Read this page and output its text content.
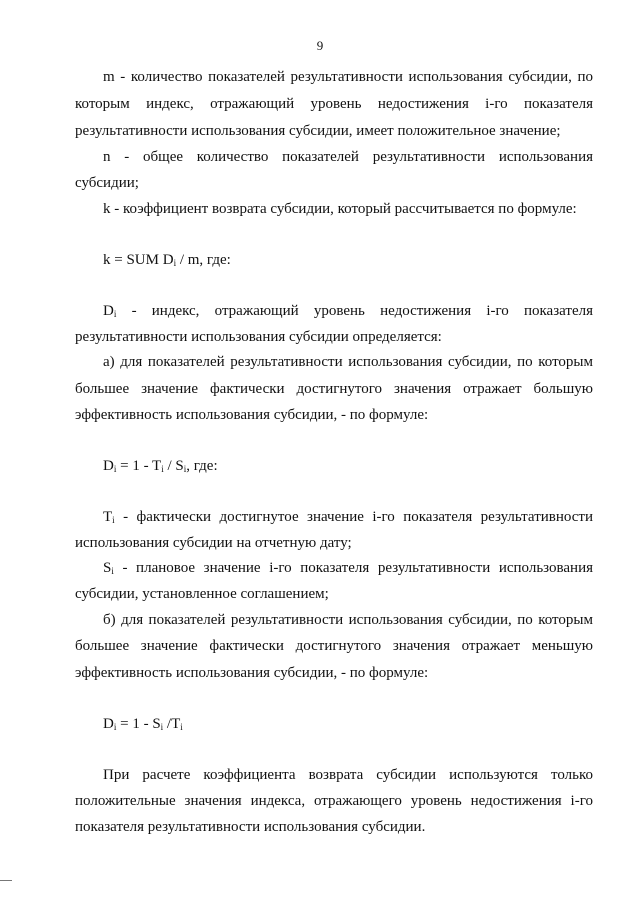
9
m - количество показателей результативности использования субсидии, по
которым индекс, отражающий уровень недостижения i-го показателя
результативности использования субсидии, имеет положительное значение;
n - общее количество показателей результативности использования
субсидии;
k - коэффициент возврата субсидии, который рассчитывается по формуле:
k = SUM $D_i$ / m, где:
$D_i$ - индекс, отражающий уровень недостижения i-го показателя
результативности использования субсидии определяется:
а) для показателей результативности использования субсидии, по которым
большее значение фактически достигнутого значения отражает большую
эффективность использования субсидии, - по формуле:
$D_i = 1 - T_i / S_i$, где:
$T_i$ - фактически достигнутое значение i-го показателя результативности
использования субсидии на отчетную дату;
$S_i$ - плановое значение i-го показателя результативности использования
субсидии, установленное соглашением;
б) для показателей результативности использования субсидии, по которым
большее значение фактически достигнутого значения отражает меньшую
эффективность использования субсидии, - по формуле:
$D_i = 1 - S_i$ $/T_i$
При расчете коэффициента возврата субсидии используются только
положительные значения индекса, отражающего уровень недостижения i-го
показателя результативности использования субсидии.
